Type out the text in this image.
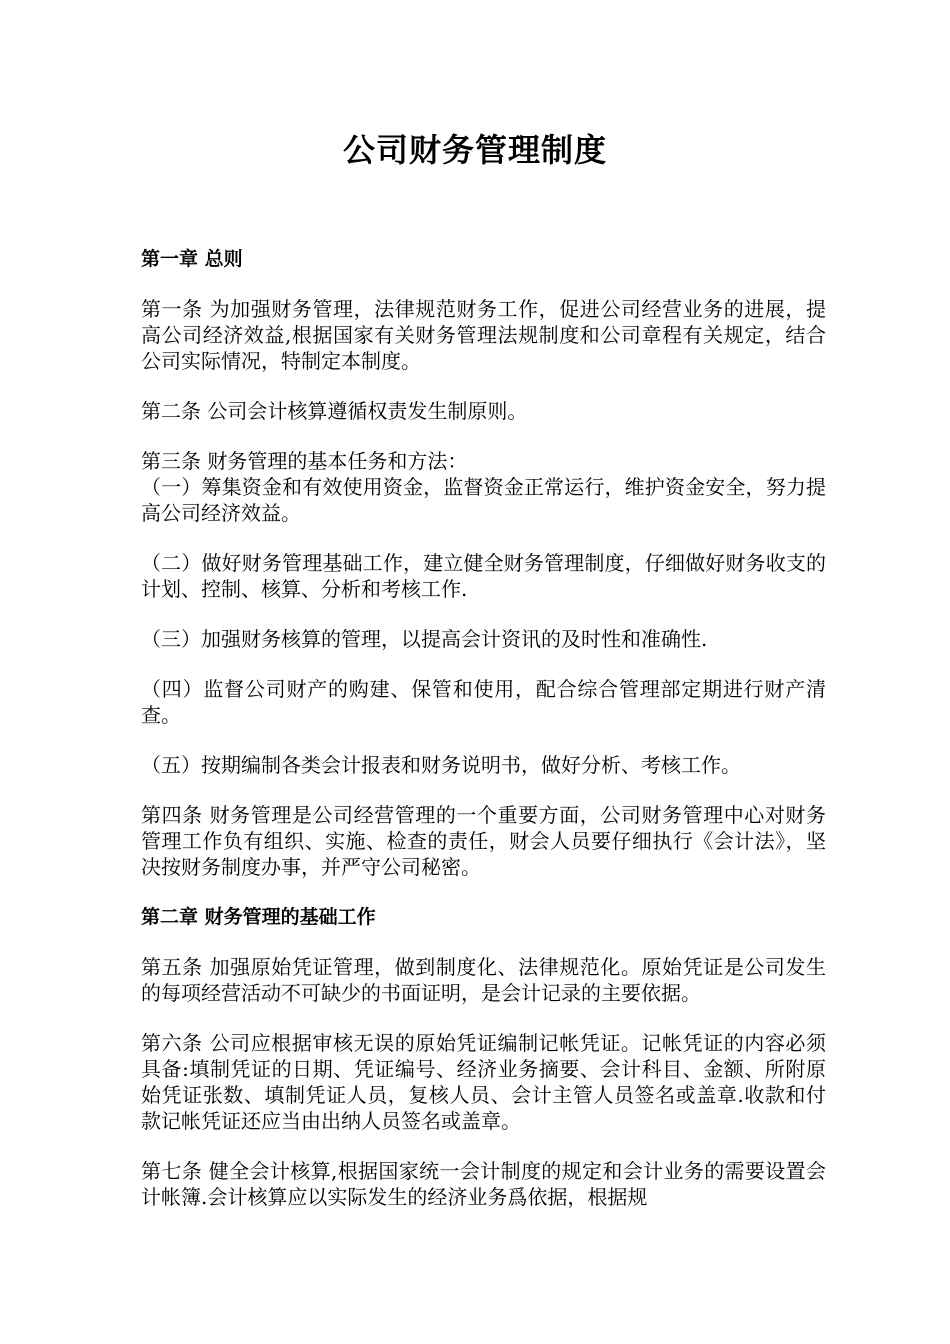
公司财务管理制度

第一章 总则

第一条 为加强财务管理，法律规范财务工作，促进公司经营业务的进展，提高公司经济效益,根据国家有关财务管理法规制度和公司章程有关规定，结合公司实际情况，特制定本制度。

第二条 公司会计核算遵循权责发生制原则。

第三条 财务管理的基本任务和方法：

（一）筹集资金和有效使用资金，监督资金正常运行，维护资金安全，努力提高公司经济效益。

（二）做好财务管理基础工作，建立健全财务管理制度，仔细做好财务收支的计划、控制、核算、分析和考核工作.

（三）加强财务核算的管理，以提高会计资讯的及时性和准确性.

（四）监督公司财产的购建、保管和使用，配合综合管理部定期进行财产清查。

（五）按期编制各类会计报表和财务说明书，做好分析、考核工作。

第四条 财务管理是公司经营管理的一个重要方面，公司财务管理中心对财务管理工作负有组织、实施、检查的责任，财会人员要仔细执行《会计法》，坚决按财务制度办事，并严守公司秘密。

第二章 财务管理的基础工作

第五条 加强原始凭证管理，做到制度化、法律规范化。原始凭证是公司发生的每项经营活动不可缺少的书面证明，是会计记录的主要依据。

第六条 公司应根据审核无误的原始凭证编制记帐凭证。记帐凭证的内容必须具备:填制凭证的日期、凭证编号、经济业务摘要、会计科目、金额、所附原始凭证张数、填制凭证人员，复核人员、会计主管人员签名或盖章.收款和付款记帐凭证还应当由出纳人员签名或盖章。

第七条 健全会计核算,根据国家统一会计制度的规定和会计业务的需要设置会计帐簿.会计核算应以实际发生的经济业务爲依据，根据规
